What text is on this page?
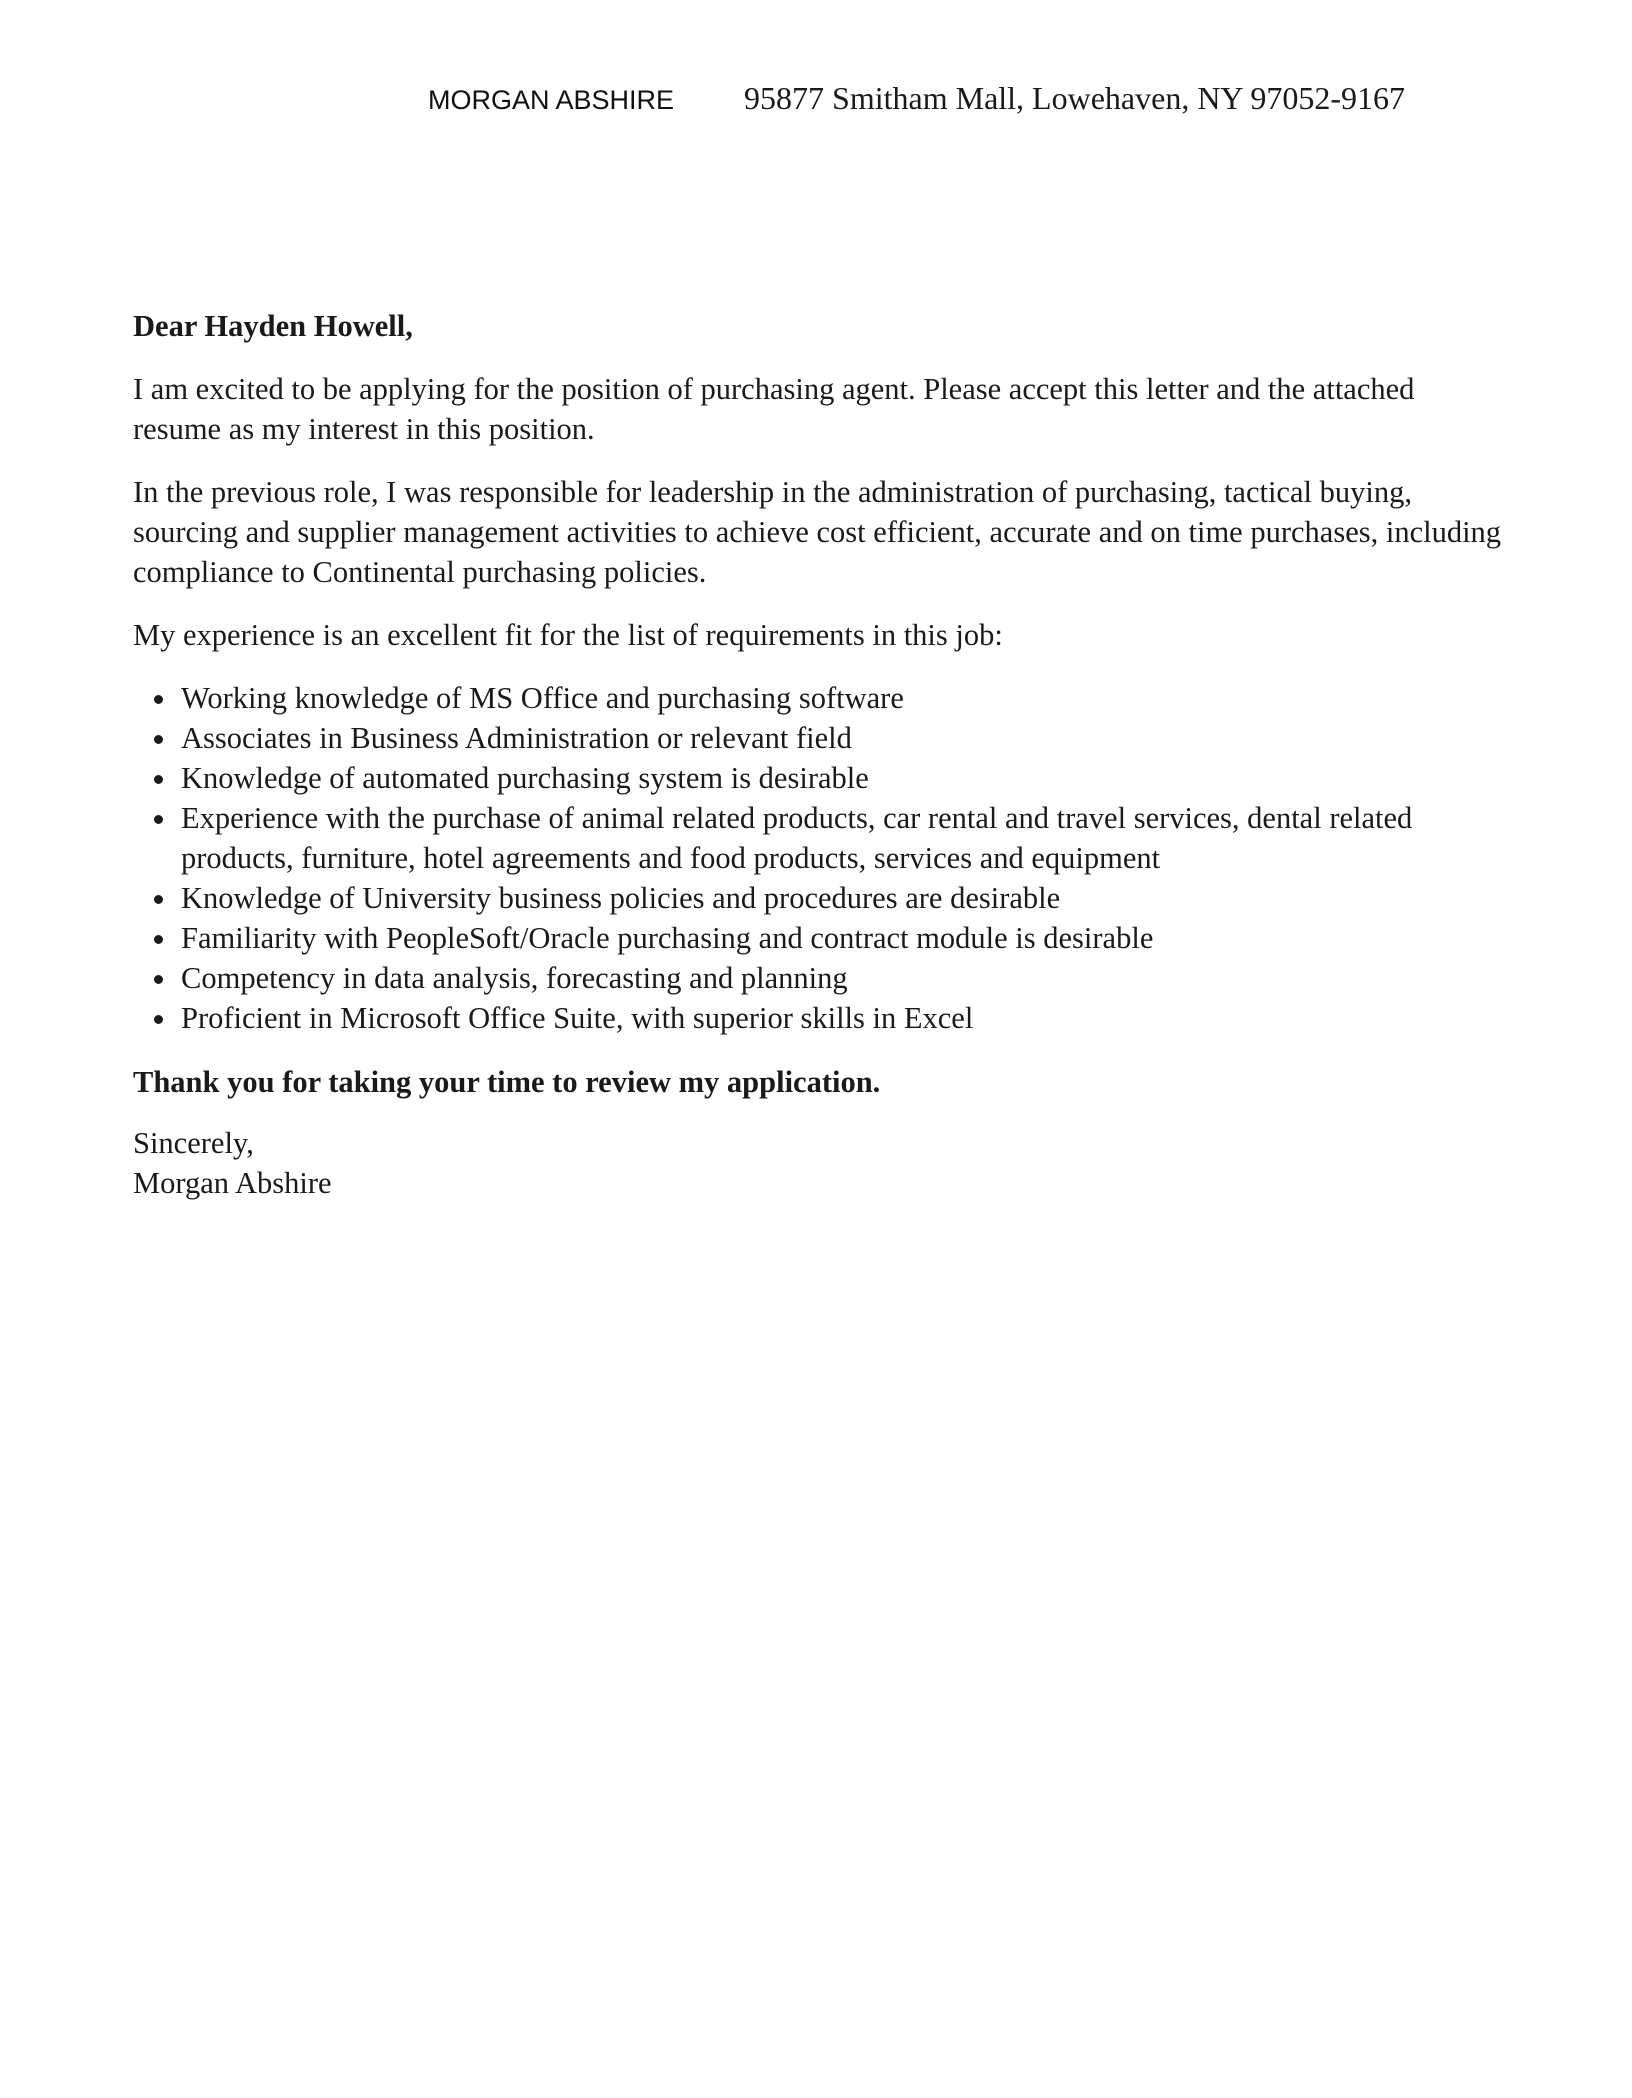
MORGAN ABSHIRE 95877 Smitham Mall, Lowehaven, NY 97052-9167

Dear Hayden Howell,

I am excited to be applying for the position of purchasing agent. Please accept this letter and the attached resume as my interest in this position.

In the previous role, I was responsible for leadership in the administration of purchasing, tactical buying, sourcing and supplier management activities to achieve cost efficient, accurate and on time purchases, including compliance to Continental purchasing policies.

My experience is an excellent fit for the list of requirements in this job:

Working knowledge of MS Office and purchasing software
Associates in Business Administration or relevant field
Knowledge of automated purchasing system is desirable
Experience with the purchase of animal related products, car rental and travel services, dental related products, furniture, hotel agreements and food products, services and equipment
Knowledge of University business policies and procedures are desirable
Familiarity with PeopleSoft/Oracle purchasing and contract module is desirable
Competency in data analysis, forecasting and planning
Proficient in Microsoft Office Suite, with superior skills in Excel

Thank you for taking your time to review my application.

Sincerely,
Morgan Abshire
